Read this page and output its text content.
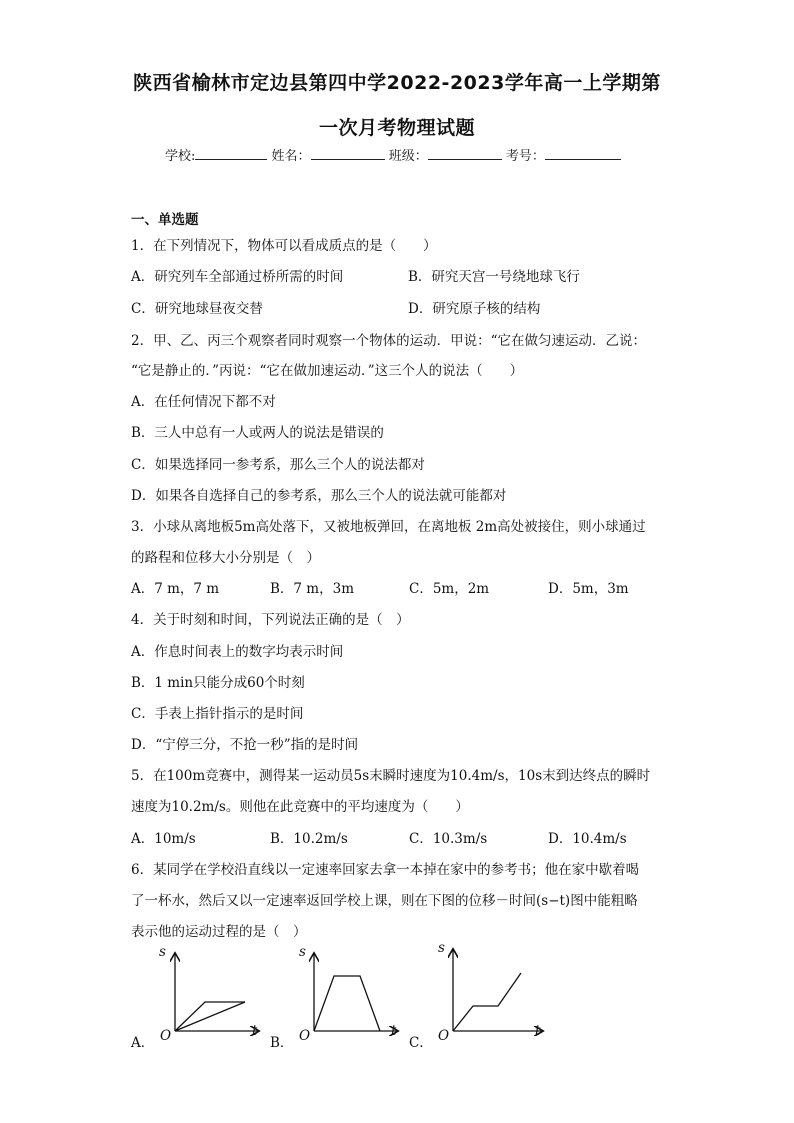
陕西省榆林市定边县第四中学2022-2023学年高一上学期第
一次月考物理试题
学校:	姓名：	班级：	考号：
一、单选题
1．在下列情况下，物体可以看成质点的是（　　）
A．研究列车全部通过桥所需的时间	B．研究天宫一号绕地球飞行
C．研究地球昼夜交替	D．研究原子核的结构
2．甲、乙、丙三个观察者同时观察一个物体的运动．甲说：“它在做匀速运动．乙说：
“它是静止的．”丙说：“它在做加速运动．”这三个人的说法（　　）
A．在任何情况下都不对
B．三人中总有一人或两人的说法是错误的
C．如果选择同一参考系，那么三个人的说法都对
D．如果各自选择自己的参考系，那么三个人的说法就可能都对
3．小球从离地板5m高处落下，又被地板弹回，在离地板 2m高处被接住，则小球通过
的路程和位移大小分别是（　）
A．7 m，7 m	B．7 m，3m	C．5m，2m	D．5m，3m
4．关于时刻和时间，下列说法正确的是（　）
A．作息时间表上的数字均表示时间
B．1 min只能分成60个时刻
C．手表上指针指示的是时间
D．“宁停三分，不抢一秒”指的是时间
5．在100m竞赛中，测得某一运动员5s末瞬时速度为10.4m/s，10s末到达终点的瞬时
速度为10.2m/s。则他在此竞赛中的平均速度为（　　）
A．10m/s	B．10.2m/s	C．10.3m/s	D．10.4m/s
6．某同学在学校沿直线以一定速率回家去拿一本掉在家中的参考书；他在家中歇着喝
了一杯水，然后又以一定速率返回学校上课，则在下图的位移－时间(s−t)图中能粗略
表示他的运动过程的是（　）
A．
s
t
O	B．
s
t
O	C．
s
t
O
